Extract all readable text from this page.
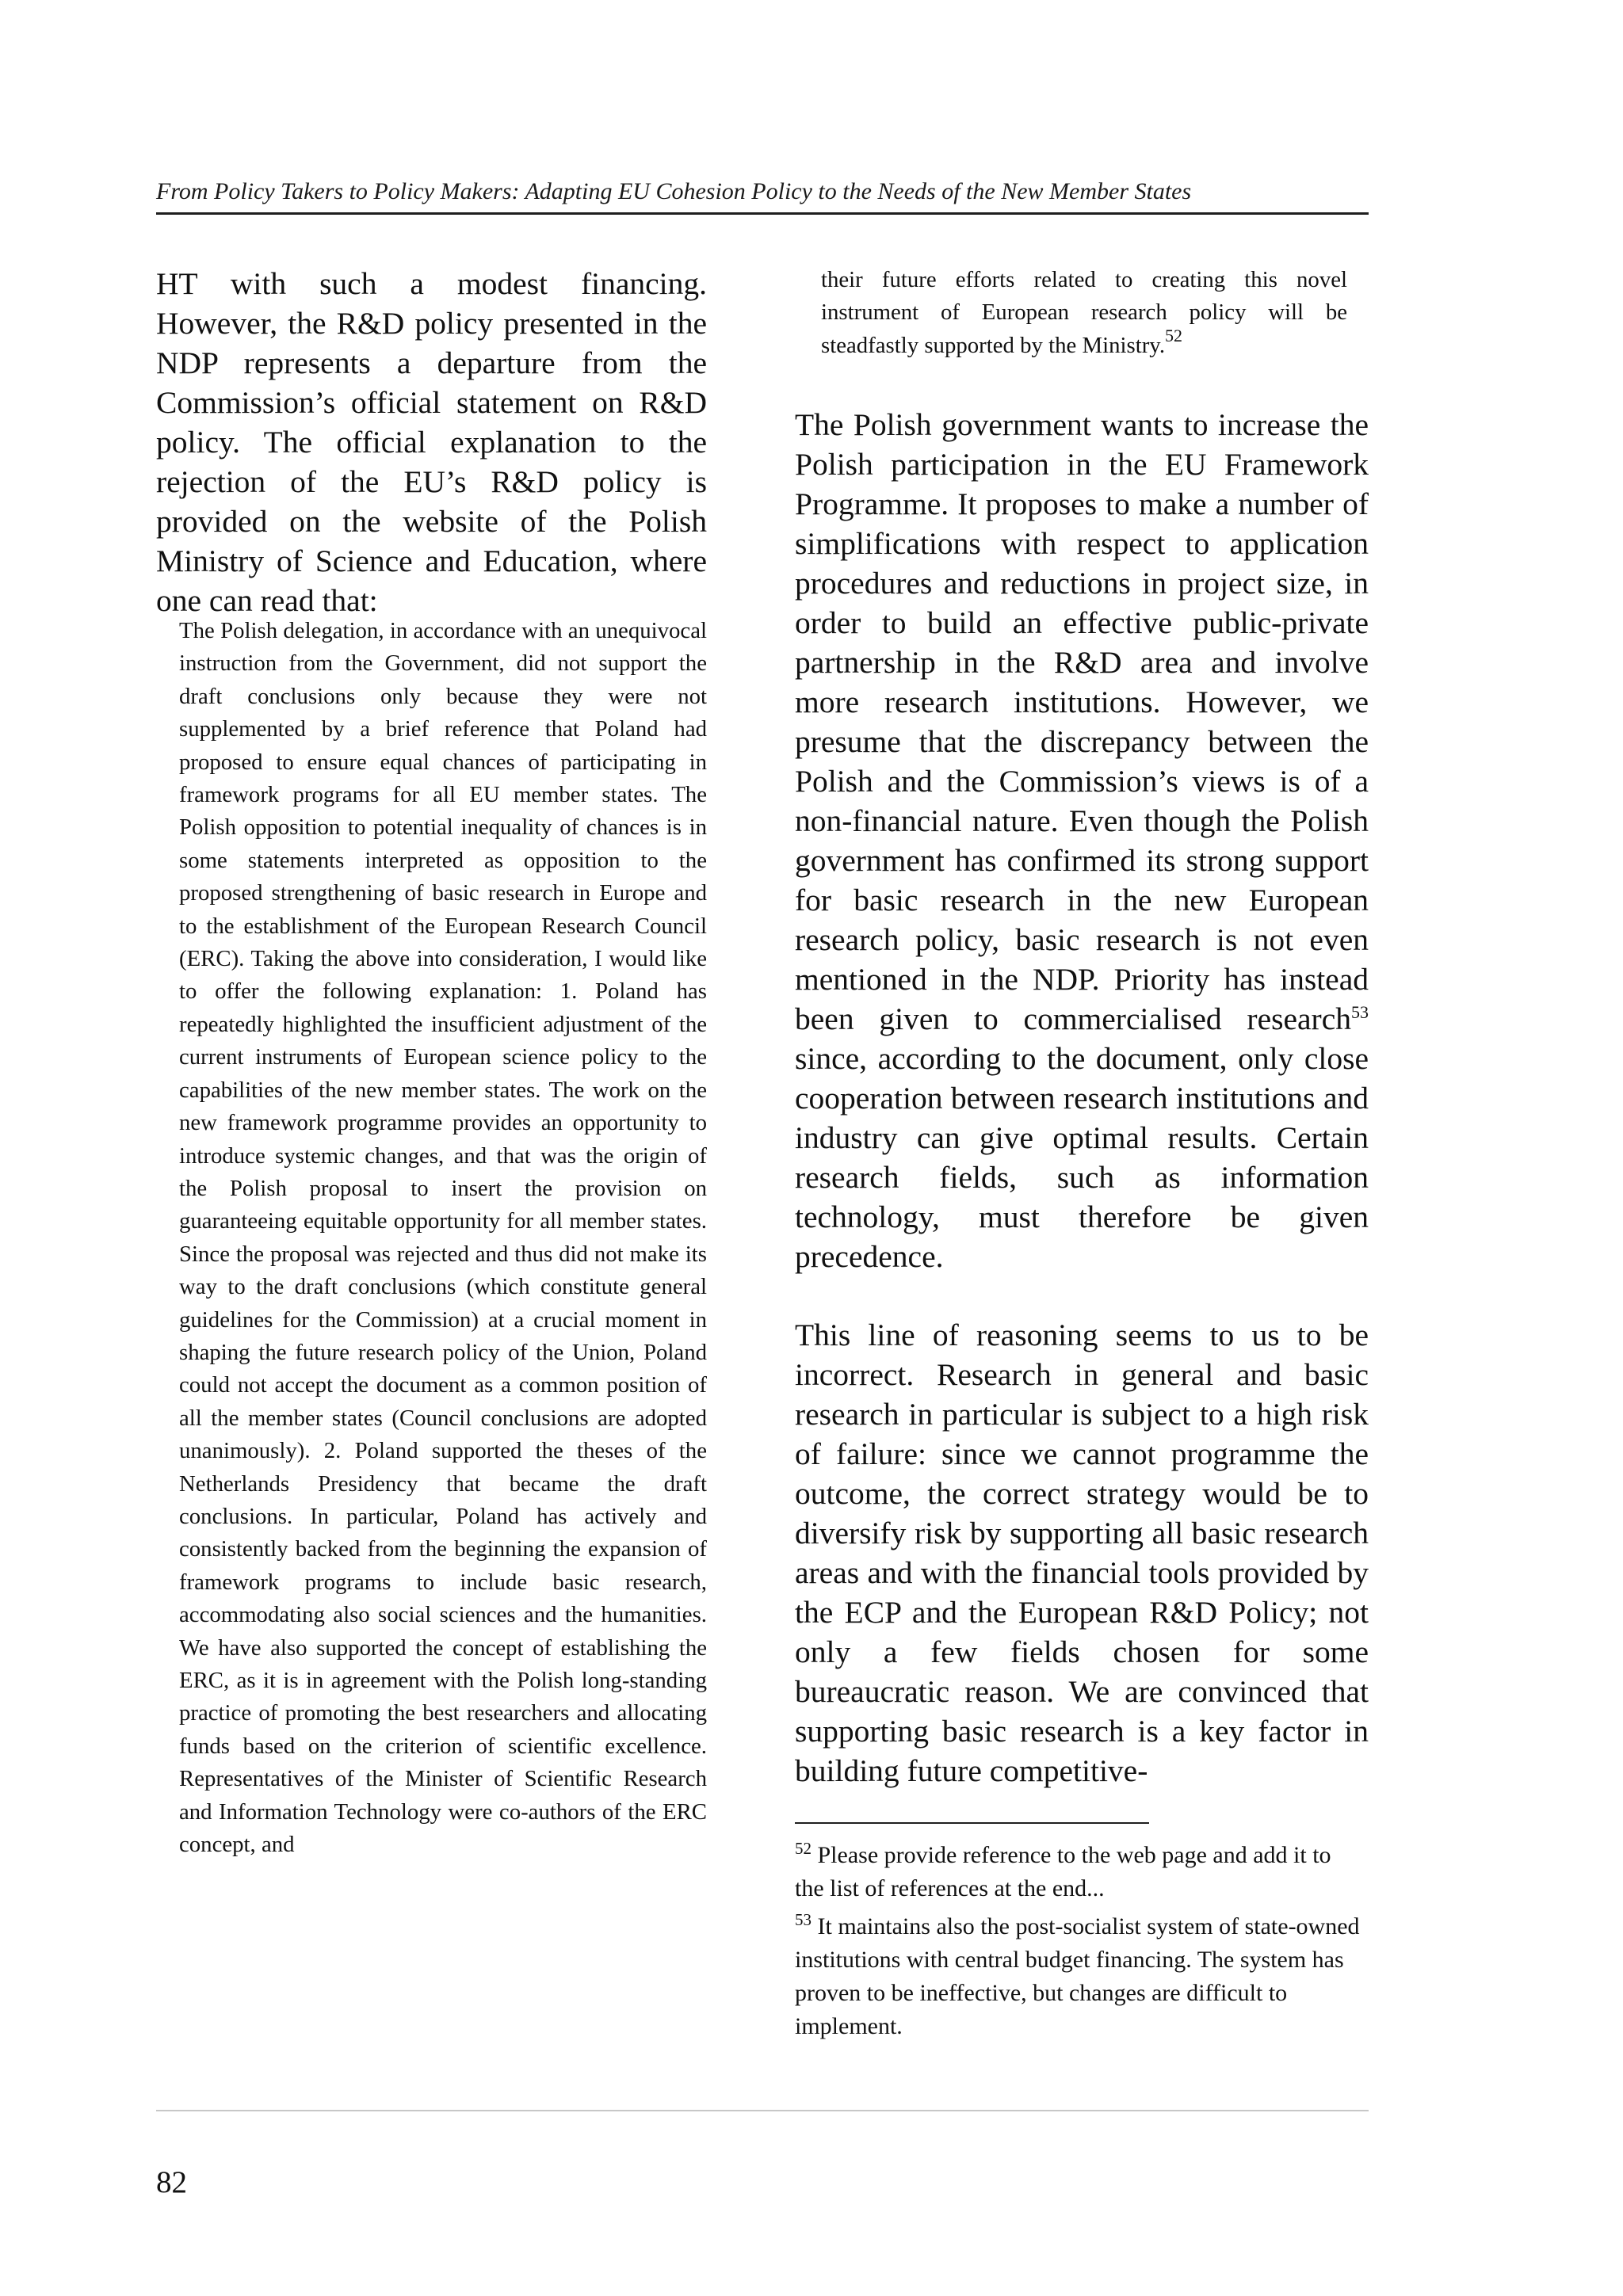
From Policy Takers to Policy Makers: Adapting EU Cohesion Policy to the Needs of the New Member States

HT with such a modest financing. However, the R&D policy presented in the NDP represents a departure from the Commission’s official statement on R&D policy. The official explanation to the rejection of the EU’s R&D policy is provided on the website of the Polish Ministry of Science and Education, where one can read that:

The Polish delegation, in accordance with an unequivocal instruction from the Government, did not support the draft conclusions only because they were not supplemented by a brief reference that Poland had proposed to ensure equal chances of participating in framework programs for all EU member states. The Polish opposition to potential inequality of chances is in some statements interpreted as opposition to the proposed strengthening of basic research in Europe and to the establishment of the European Research Council (ERC). Taking the above into consideration, I would like to offer the following explanation: 1. Poland has repeatedly highlighted the insufficient adjustment of the current instruments of European science policy to the capabilities of the new member states. The work on the new framework programme provides an opportunity to introduce systemic changes, and that was the origin of the Polish proposal to insert the provision on guaranteeing equitable opportunity for all member states. Since the proposal was rejected and thus did not make its way to the draft conclusions (which constitute general guidelines for the Commission) at a crucial moment in shaping the future research policy of the Union, Poland could not accept the document as a common position of all the member states (Council conclusions are adopted unanimously). 2. Poland supported the theses of the Netherlands Presidency that became the draft conclusions. In particular, Poland has actively and consistently backed from the beginning the expansion of framework programs to include basic research, accommodating also social sciences and the humanities. We have also supported the concept of establishing the ERC, as it is in agreement with the Polish long-standing practice of promoting the best researchers and allocating funds based on the criterion of scientific excellence. Representatives of the Minister of Scientific Research and Information Technology were co-authors of the ERC concept, and

their future efforts related to creating this novel instrument of European research policy will be steadfastly supported by the Ministry.$^{52}$

The Polish government wants to increase the Polish participation in the EU Framework Programme. It proposes to make a number of simplifications with respect to application procedures and reductions in project size, in order to build an effective public-private partnership in the R&D area and involve more research institutions. However, we presume that the discrepancy between the Polish and the Commission’s views is of a non-financial nature. Even though the Polish government has confirmed its strong support for basic research in the new European research policy, basic research is not even mentioned in the NDP. Priority has instead been given to commercialised research$^{53}$ since, according to the document, only close cooperation between research institutions and industry can give optimal results. Certain research fields, such as information technology, must therefore be given precedence.

This line of reasoning seems to us to be incorrect. Research in general and basic research in particular is subject to a high risk of failure: since we cannot programme the outcome, the correct strategy would be to diversify risk by supporting all basic research areas and with the financial tools provided by the ECP and the European R&D Policy; not only a few fields chosen for some bureaucratic reason. We are convinced that supporting basic research is a key factor in building future competitive-

$^{52}$ Please provide reference to the web page and add it to the list of references at the end...

$^{53}$ It maintains also the post-socialist system of state-owned institutions with central budget financing. The system has proven to be ineffective, but changes are difficult to implement.

82
